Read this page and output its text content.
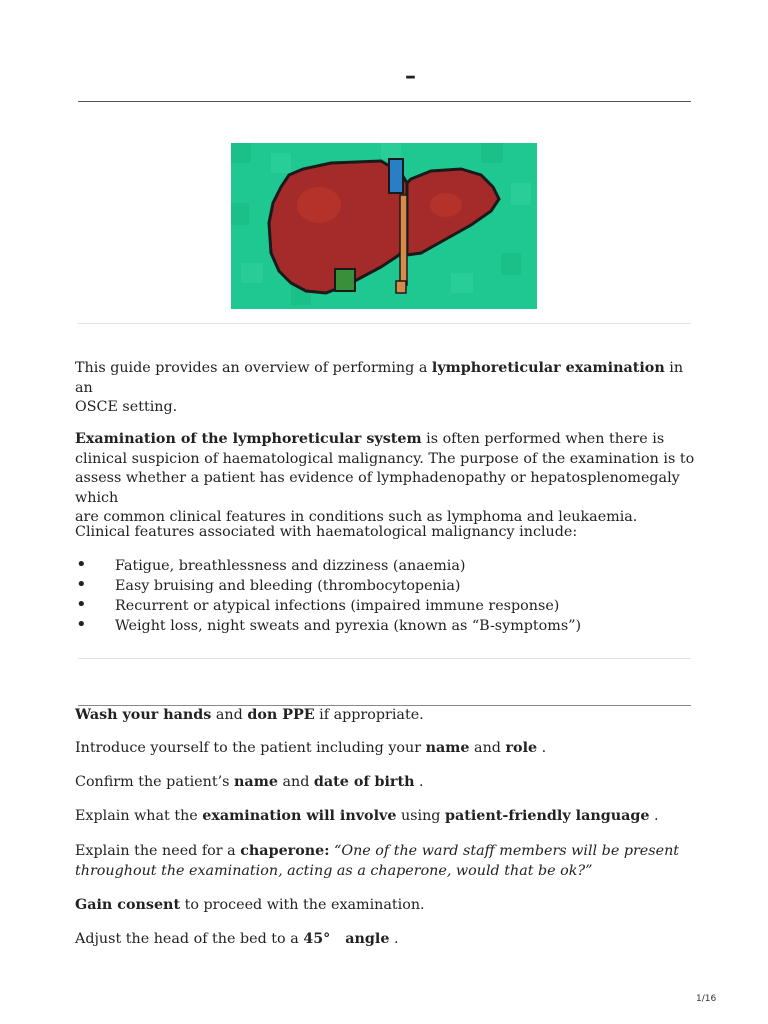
–

This guide provides an overview of performing a lymphoreticular examination in an

OSCE setting.

Examination of the lymphoreticular system is often performed when there is

clinical suspicion of haematological malignancy. The purpose of the examination is to

assess whether a patient has evidence of lymphadenopathy or hepatosplenomegaly which

are common clinical features in conditions such as lymphoma and leukaemia.

Clinical features associated with haematological malignancy include:

• Fatigue, breathlessness and dizziness (anaemia)
• Easy bruising and bleeding (thrombocytopenia)
• Recurrent or atypical infections (impaired immune response)
• Weight loss, night sweats and pyrexia (known as “B-symptoms”)

Wash your hands and don PPE if appropriate.

Introduce yourself to the patient including your name and role .

Confirm the patient’s name and date of birth .

Explain what the examination will involve using patient-friendly language .

Explain the need for a chaperone: “One of the ward staff members will be present

throughout the examination, acting as a chaperone, would that be ok?”

Gain consent to proceed with the examination.

Adjust the head of the bed to a 45°   angle .

1/16
